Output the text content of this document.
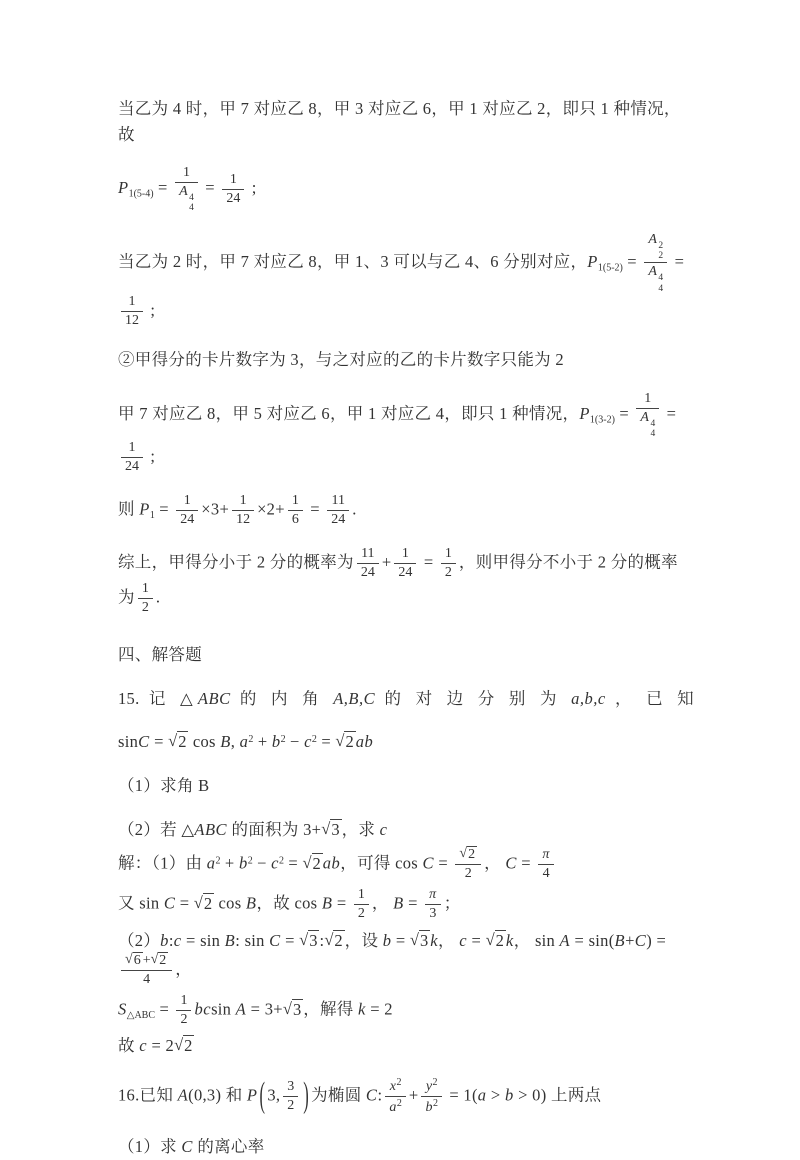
当乙为 4 时，甲 7 对应乙 8，甲 3 对应乙 6，甲 1 对应乙 2，即只 1 种情况，故
$P_{1(5-4)} = 1$
A 4
$4 = \frac{1}{24}$ ;
当乙为 2 时，甲 7 对应乙 8，甲 1、3 可以与乙 4、6 分别对应，$P_{1(5-2)} = A$ 2
2
A 4
4 =
$\frac{1}{12}$ ;
②甲得分的卡片数字为 3，与之对应的乙的卡片数字只能为 2
甲 7 对应乙 8，甲 5 对应乙 6，甲 1 对应乙 4，即只 1 种情况，$P_{1(3-2)} = 1$
A 4
4 =
$\frac{1}{24}$ ;
则 $P_1 = \frac{1}{24} \times 3+ \frac{1}{12} \times 2+ \frac{1}{6} = \frac{11}{24}$ .
综上，甲得分小于 2 分的概率为 $\frac{11}{24} + \frac{1}{24} = \frac{1}{2}$ ，则甲得分不小于 2 分的概率为 $\frac{1}{2}$ .
四、解答题
15. 记 △ABC 的 内 角 A,B,C 的 对 边 分 别 为 a,b,c ， 已 知
sinC = √2 cos B, $a^2 + b^2 - c^2 = √2$ ab
（1）求角 B
（2）若 △ABC 的面积为 3+√3 ，求 c
解：（1）由 $a^2 + b^2 - c^2 = √2$ ab，可得 $\cos C = \frac{√2}{2}$ ， $C = \frac{\pi}{4}$
又 sin C = √2 cos B，故 $\cos B = \frac{1}{2}$ ， $B = \frac{\pi}{3}$ ；
（2）b:c = sin B: sin C = √3 :√2 ，设 b = √3 k， c = √2 k， sin A = sin(B+C) =
$\frac{√6 +√2}{4}$ ，
$S_{\triangle ABC} = \frac{1}{2}$ bcsin A = 3+√3 ，解得 k = 2
故 c = 2√2
16.已知 A(0,3) 和 P ( 3, $\frac{3}{2}$ ) 为椭圆 C: $\frac{x^2}{a^2} + \frac{y^2}{b^2} = 1(a > b > 0)$ 上两点
（1）求 C 的离心率
